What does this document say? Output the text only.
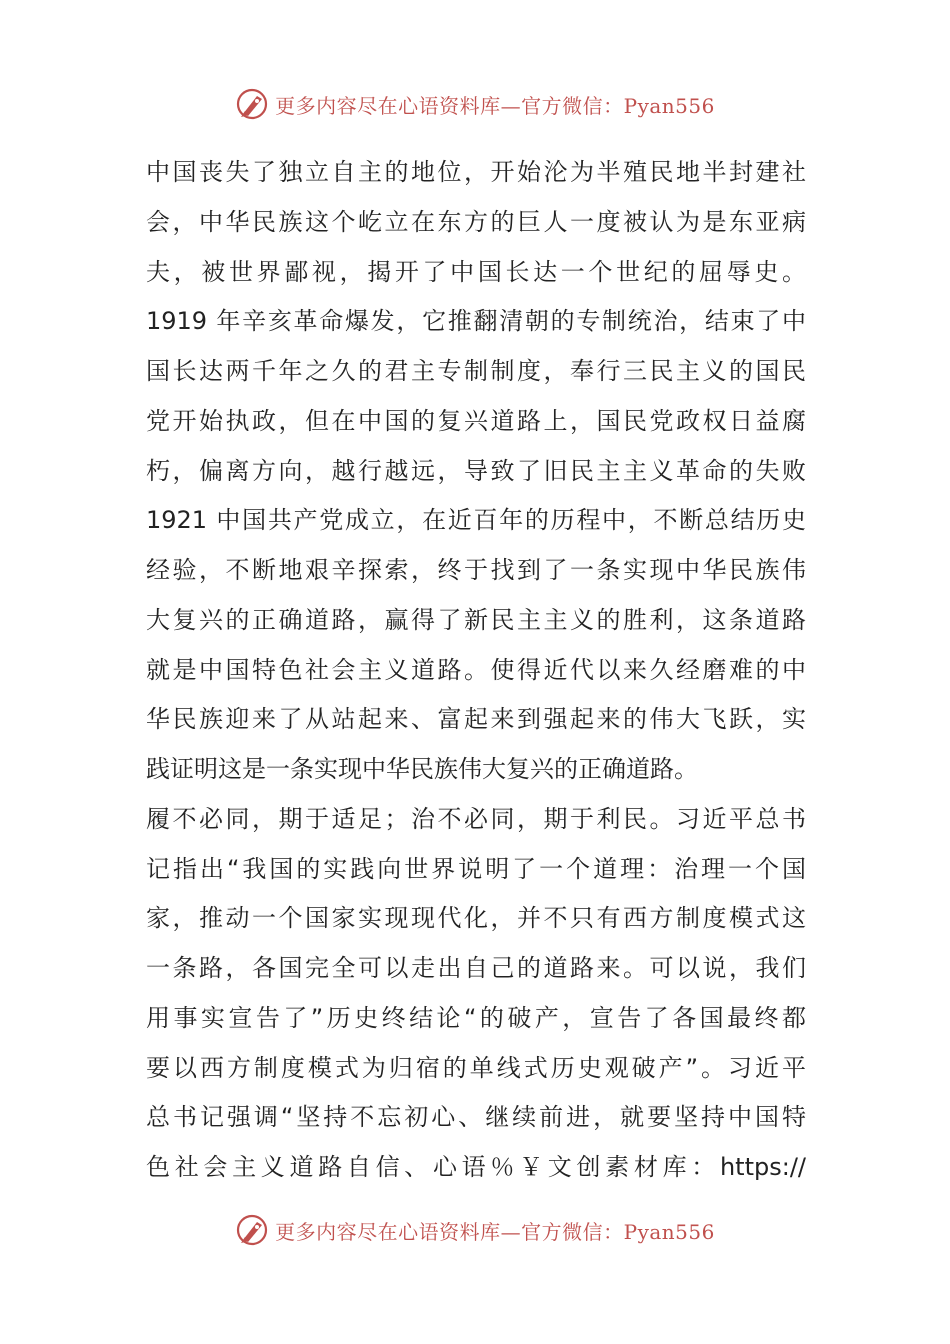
更多内容尽在心语资料库—官方微信：Pyan556
中国丧失了独立自主的地位，开始沦为半殖民地半封建社
会，中华民族这个屹立在东方的巨人一度被认为是东亚病
夫，被世界鄙视，揭开了中国长达一个世纪的屈辱史。
1919 年辛亥革命爆发，它推翻清朝的专制统治，结束了中
国长达两千年之久的君主专制制度，奉行三民主义的国民
党开始执政，但在中国的复兴道路上，国民党政权日益腐
朽，偏离方向，越行越远，导致了旧民主主义革命的失败
1921 中国共产党成立，在近百年的历程中，不断总结历史
经验，不断地艰辛探索，终于找到了一条实现中华民族伟
大复兴的正确道路，赢得了新民主主义的胜利，这条道路
就是中国特色社会主义道路。使得近代以来久经磨难的中
华民族迎来了从站起来、富起来到强起来的伟大飞跃，实
践证明这是一条实现中华民族伟大复兴的正确道路。
履不必同，期于适足；治不必同，期于利民。习近平总书
记指出“我国的实践向世界说明了一个道理：治理一个国
家，推动一个国家实现现代化，并不只有西方制度模式这
一条路，各国完全可以走出自己的道路来。可以说，我们
用事实宣告了”历史终结论“的破产，宣告了各国最终都
要以西方制度模式为归宿的单线式历史观破产”。习近平
总书记强调“坚持不忘初心、继续前进，就要坚持中国特
色社会主义道路自信、心语％￥文创素材库：https://
更多内容尽在心语资料库—官方微信：Pyan556
